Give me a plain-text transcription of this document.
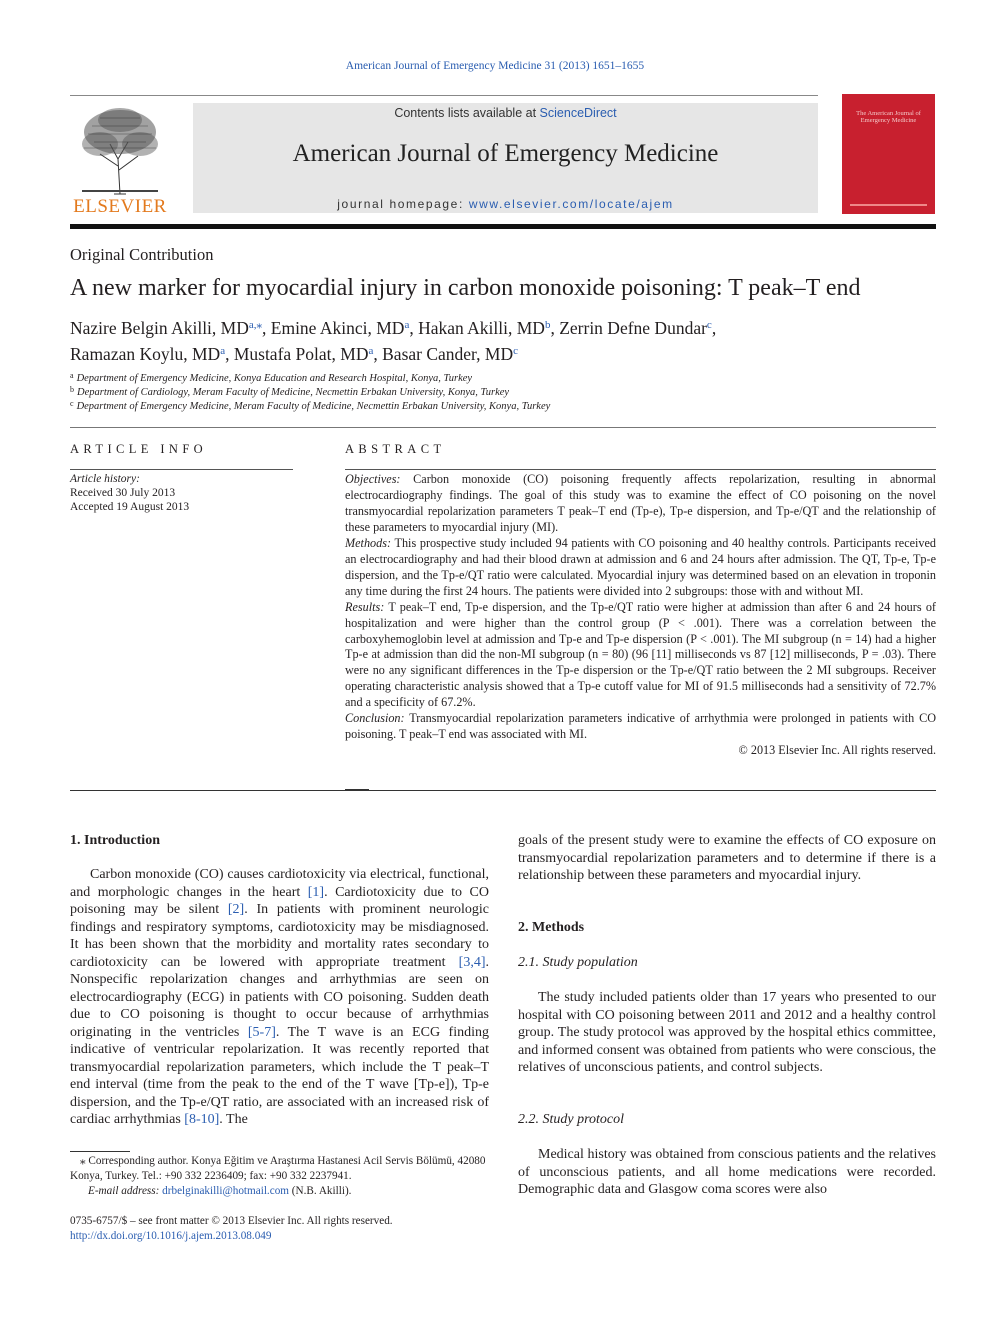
American Journal of Emergency Medicine 31 (2013) 1651–1655
ELSEVIER
Contents lists available at ScienceDirect
American Journal of Emergency Medicine
journal homepage: www.elsevier.com/locate/ajem
The American Journal of Emergency Medicine
Original Contribution
A new marker for myocardial injury in carbon monoxide poisoning: T peak–T end
Nazire Belgin Akilli, $MD^{a,⁎}$, Emine Akinci, $MD^a$, Hakan Akilli, $MD^b$, Zerrin Defne Dundar$^c$,
Ramazan Koylu, $MD^a$, Mustafa Polat, $MD^a$, Basar Cander, $MD^c$
$^a$ Department of Emergency Medicine, Konya Education and Research Hospital, Konya, Turkey
$^b$ Department of Cardiology, Meram Faculty of Medicine, Necmettin Erbakan University, Konya, Turkey
$^c$ Department of Emergency Medicine, Meram Faculty of Medicine, Necmettin Erbakan University, Konya, Turkey
ARTICLE INFO
Article history:
Received 30 July 2013
Accepted 19 August 2013
ABSTRACT

Objectives: Carbon monoxide (CO) poisoning frequently affects repolarization, resulting in abnormal electrocardiography findings. The goal of this study was to examine the effect of CO poisoning on the novel transmyocardial repolarization parameters T peak–T end (Tp-e), Tp-e dispersion, and Tp-e/QT and the relationship of these parameters to myocardial injury (MI).

Methods: This prospective study included 94 patients with CO poisoning and 40 healthy controls. Participants received an electrocardiography and had their blood drawn at admission and 6 and 24 hours after admission. The QT, Tp-e, Tp-e dispersion, and the Tp-e/QT ratio were calculated. Myocardial injury was determined based on an elevation in troponin any time during the first 24 hours. The patients were divided into 2 subgroups: those with and without MI.

Results: T peak–T end, Tp-e dispersion, and the Tp-e/QT ratio were higher at admission than after 6 and 24 hours of hospitalization and were higher than the control group (P < .001). There was a correlation between the carboxyhemoglobin level at admission and Tp-e and Tp-e dispersion (P < .001). The MI subgroup (n = 14) had a higher Tp-e at admission than did the non-MI subgroup (n = 80) (96 [11] milliseconds vs 87 [12] milliseconds, P = .03). There were no any significant differences in the Tp-e dispersion or the Tp-e/QT ratio between the 2 MI subgroups. Receiver operating characteristic analysis showed that a Tp-e cutoff value for MI of 91.5 milliseconds had a sensitivity of 72.7% and a specificity of 67.2%.

Conclusion: Transmyocardial repolarization parameters indicative of arrhythmia were prolonged in patients with CO poisoning. T peak–T end was associated with MI.

© 2013 Elsevier Inc. All rights reserved.

1. Introduction

Carbon monoxide (CO) causes cardiotoxicity via electrical, functional, and morphologic changes in the heart [1]. Cardiotoxicity due to CO poisoning may be silent [2]. In patients with prominent neurologic findings and respiratory symptoms, cardiotoxicity may be misdiagnosed. It has been shown that the morbidity and mortality rates secondary to cardiotoxicity can be lowered with appropriate treatment [3,4]. Nonspecific repolarization changes and arrhythmias are seen on electrocardiography (ECG) in patients with CO poisoning. Sudden death due to CO poisoning is thought to occur because of arrhythmias originating in the ventricles [5-7]. The T wave is an ECG finding indicative of ventricular repolarization. It was recently reported that transmyocardial repolarization parameters, which include the T peak–T end interval (time from the peak to the end of the T wave [Tp-e]), Tp-e dispersion, and the Tp-e/QT ratio, are associated with an increased risk of cardiac arrhythmias [8-10]. The

⁎ Corresponding author. Konya Eğitim ve Araştırma Hastanesi Acil Servis Bölümü, 42080 Konya, Turkey. Tel.: +90 332 2236409; fax: +90 332 2237941.
E-mail address: drbelginakilli@hotmail.com (N.B. Akilli).
0735-6757/$ – see front matter © 2013 Elsevier Inc. All rights reserved.
http://dx.doi.org/10.1016/j.ajem.2013.08.049

goals of the present study were to examine the effects of CO exposure on transmyocardial repolarization parameters and to determine if there is a relationship between these parameters and myocardial injury.

2. Methods
2.1. Study population

The study included patients older than 17 years who presented to our hospital with CO poisoning between 2011 and 2012 and a healthy control group. The study protocol was approved by the hospital ethics committee, and informed consent was obtained from patients who were conscious, the relatives of unconscious patients, and control subjects.

2.2. Study protocol

Medical history was obtained from conscious patients and the relatives of unconscious patients, and all home medications were recorded. Demographic data and Glasgow coma scores were also
